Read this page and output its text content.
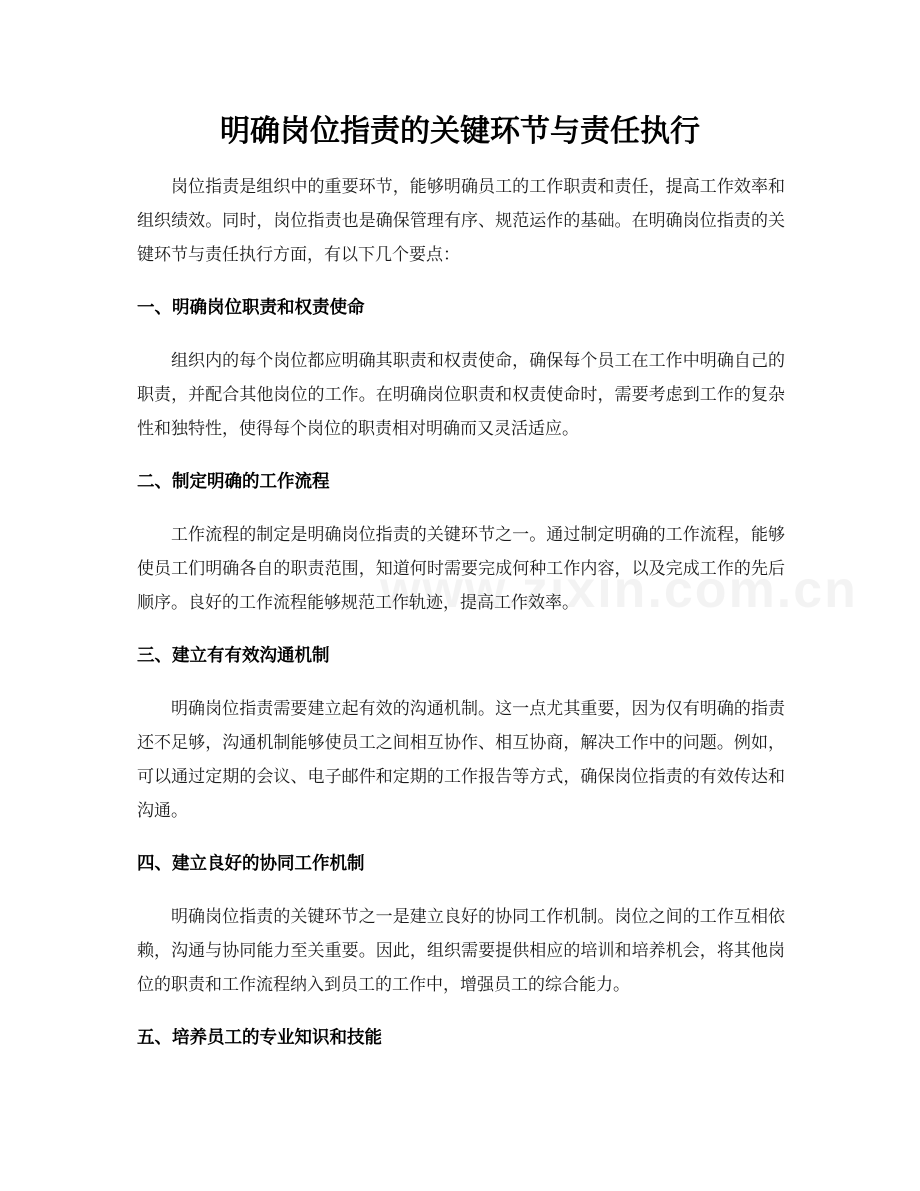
明确岗位指责的关键环节与责任执行

岗位指责是组织中的重要环节，能够明确员工的工作职责和责任，提高工作效率和组织绩效。同时，岗位指责也是确保管理有序、规范运作的基础。在明确岗位指责的关键环节与责任执行方面，有以下几个要点：

一、明确岗位职责和权责使命

组织内的每个岗位都应明确其职责和权责使命，确保每个员工在工作中明确自己的职责，并配合其他岗位的工作。在明确岗位职责和权责使命时，需要考虑到工作的复杂性和独特性，使得每个岗位的职责相对明确而又灵活适应。

二、制定明确的工作流程

工作流程的制定是明确岗位指责的关键环节之一。通过制定明确的工作流程，能够使员工们明确各自的职责范围，知道何时需要完成何种工作内容，以及完成工作的先后顺序。良好的工作流程能够规范工作轨迹，提高工作效率。

三、建立有有效沟通机制

明确岗位指责需要建立起有效的沟通机制。这一点尤其重要，因为仅有明确的指责还不足够，沟通机制能够使员工之间相互协作、相互协商，解决工作中的问题。例如，可以通过定期的会议、电子邮件和定期的工作报告等方式，确保岗位指责的有效传达和沟通。

四、建立良好的协同工作机制

明确岗位指责的关键环节之一是建立良好的协同工作机制。岗位之间的工作互相依赖，沟通与协同能力至关重要。因此，组织需要提供相应的培训和培养机会，将其他岗位的职责和工作流程纳入到员工的工作中，增强员工的综合能力。

五、培养员工的专业知识和技能
